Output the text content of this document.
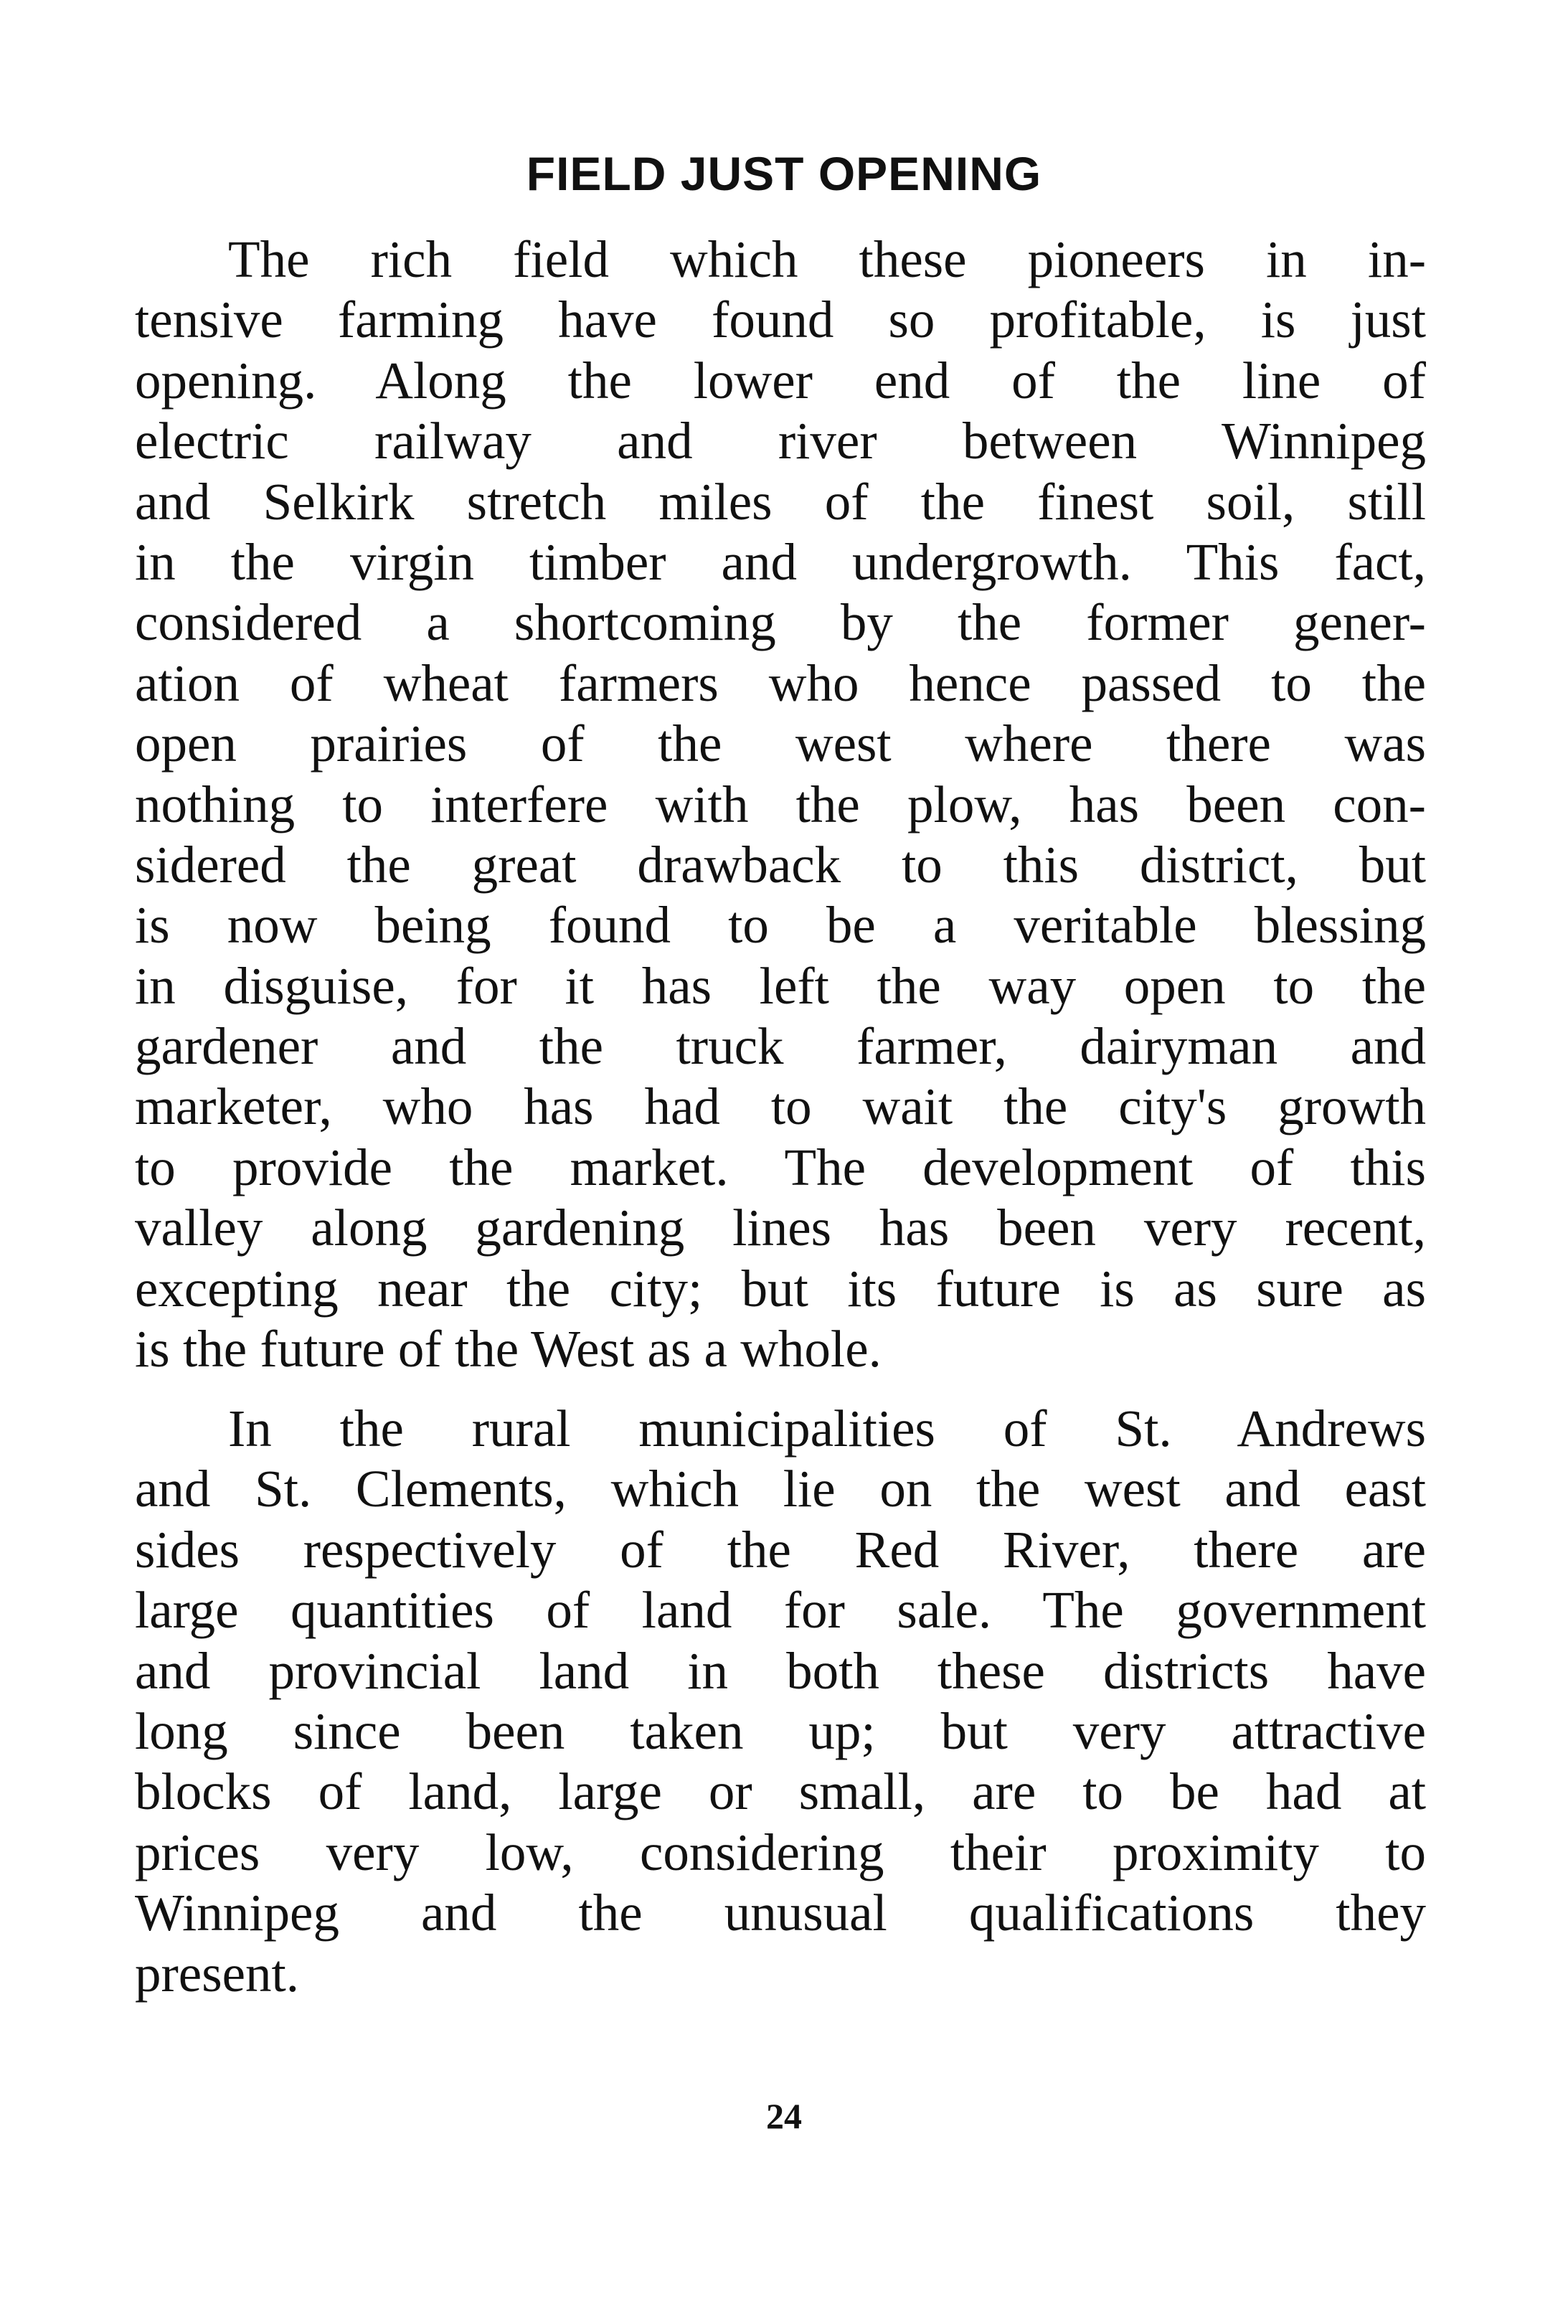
FIELD JUST OPENING
The rich field which these pioneers in in-
tensive farming have found so profitable, is just
opening. Along the lower end of the line of
electric railway and river between Winnipeg
and Selkirk stretch miles of the finest soil, still
in the virgin timber and undergrowth. This fact,
considered a shortcoming by the former gener-
ation of wheat farmers who hence passed to the
open prairies of the west where there was
nothing to interfere with the plow, has been con-
sidered the great drawback to this district, but
is now being found to be a veritable blessing
in disguise, for it has left the way open to the
gardener and the truck farmer, dairyman and
marketer, who has had to wait the city's growth
to provide the market. The development of this
valley along gardening lines has been very recent,
excepting near the city; but its future is as sure as
is the future of the West as a whole.
In the rural municipalities of St. Andrews
and St. Clements, which lie on the west and east
sides respectively of the Red River, there are
large quantities of land for sale. The government
and provincial land in both these districts have
long since been taken up; but very attractive
blocks of land, large or small, are to be had at
prices very low, considering their proximity to
Winnipeg and the unusual qualifications they
present.
24
